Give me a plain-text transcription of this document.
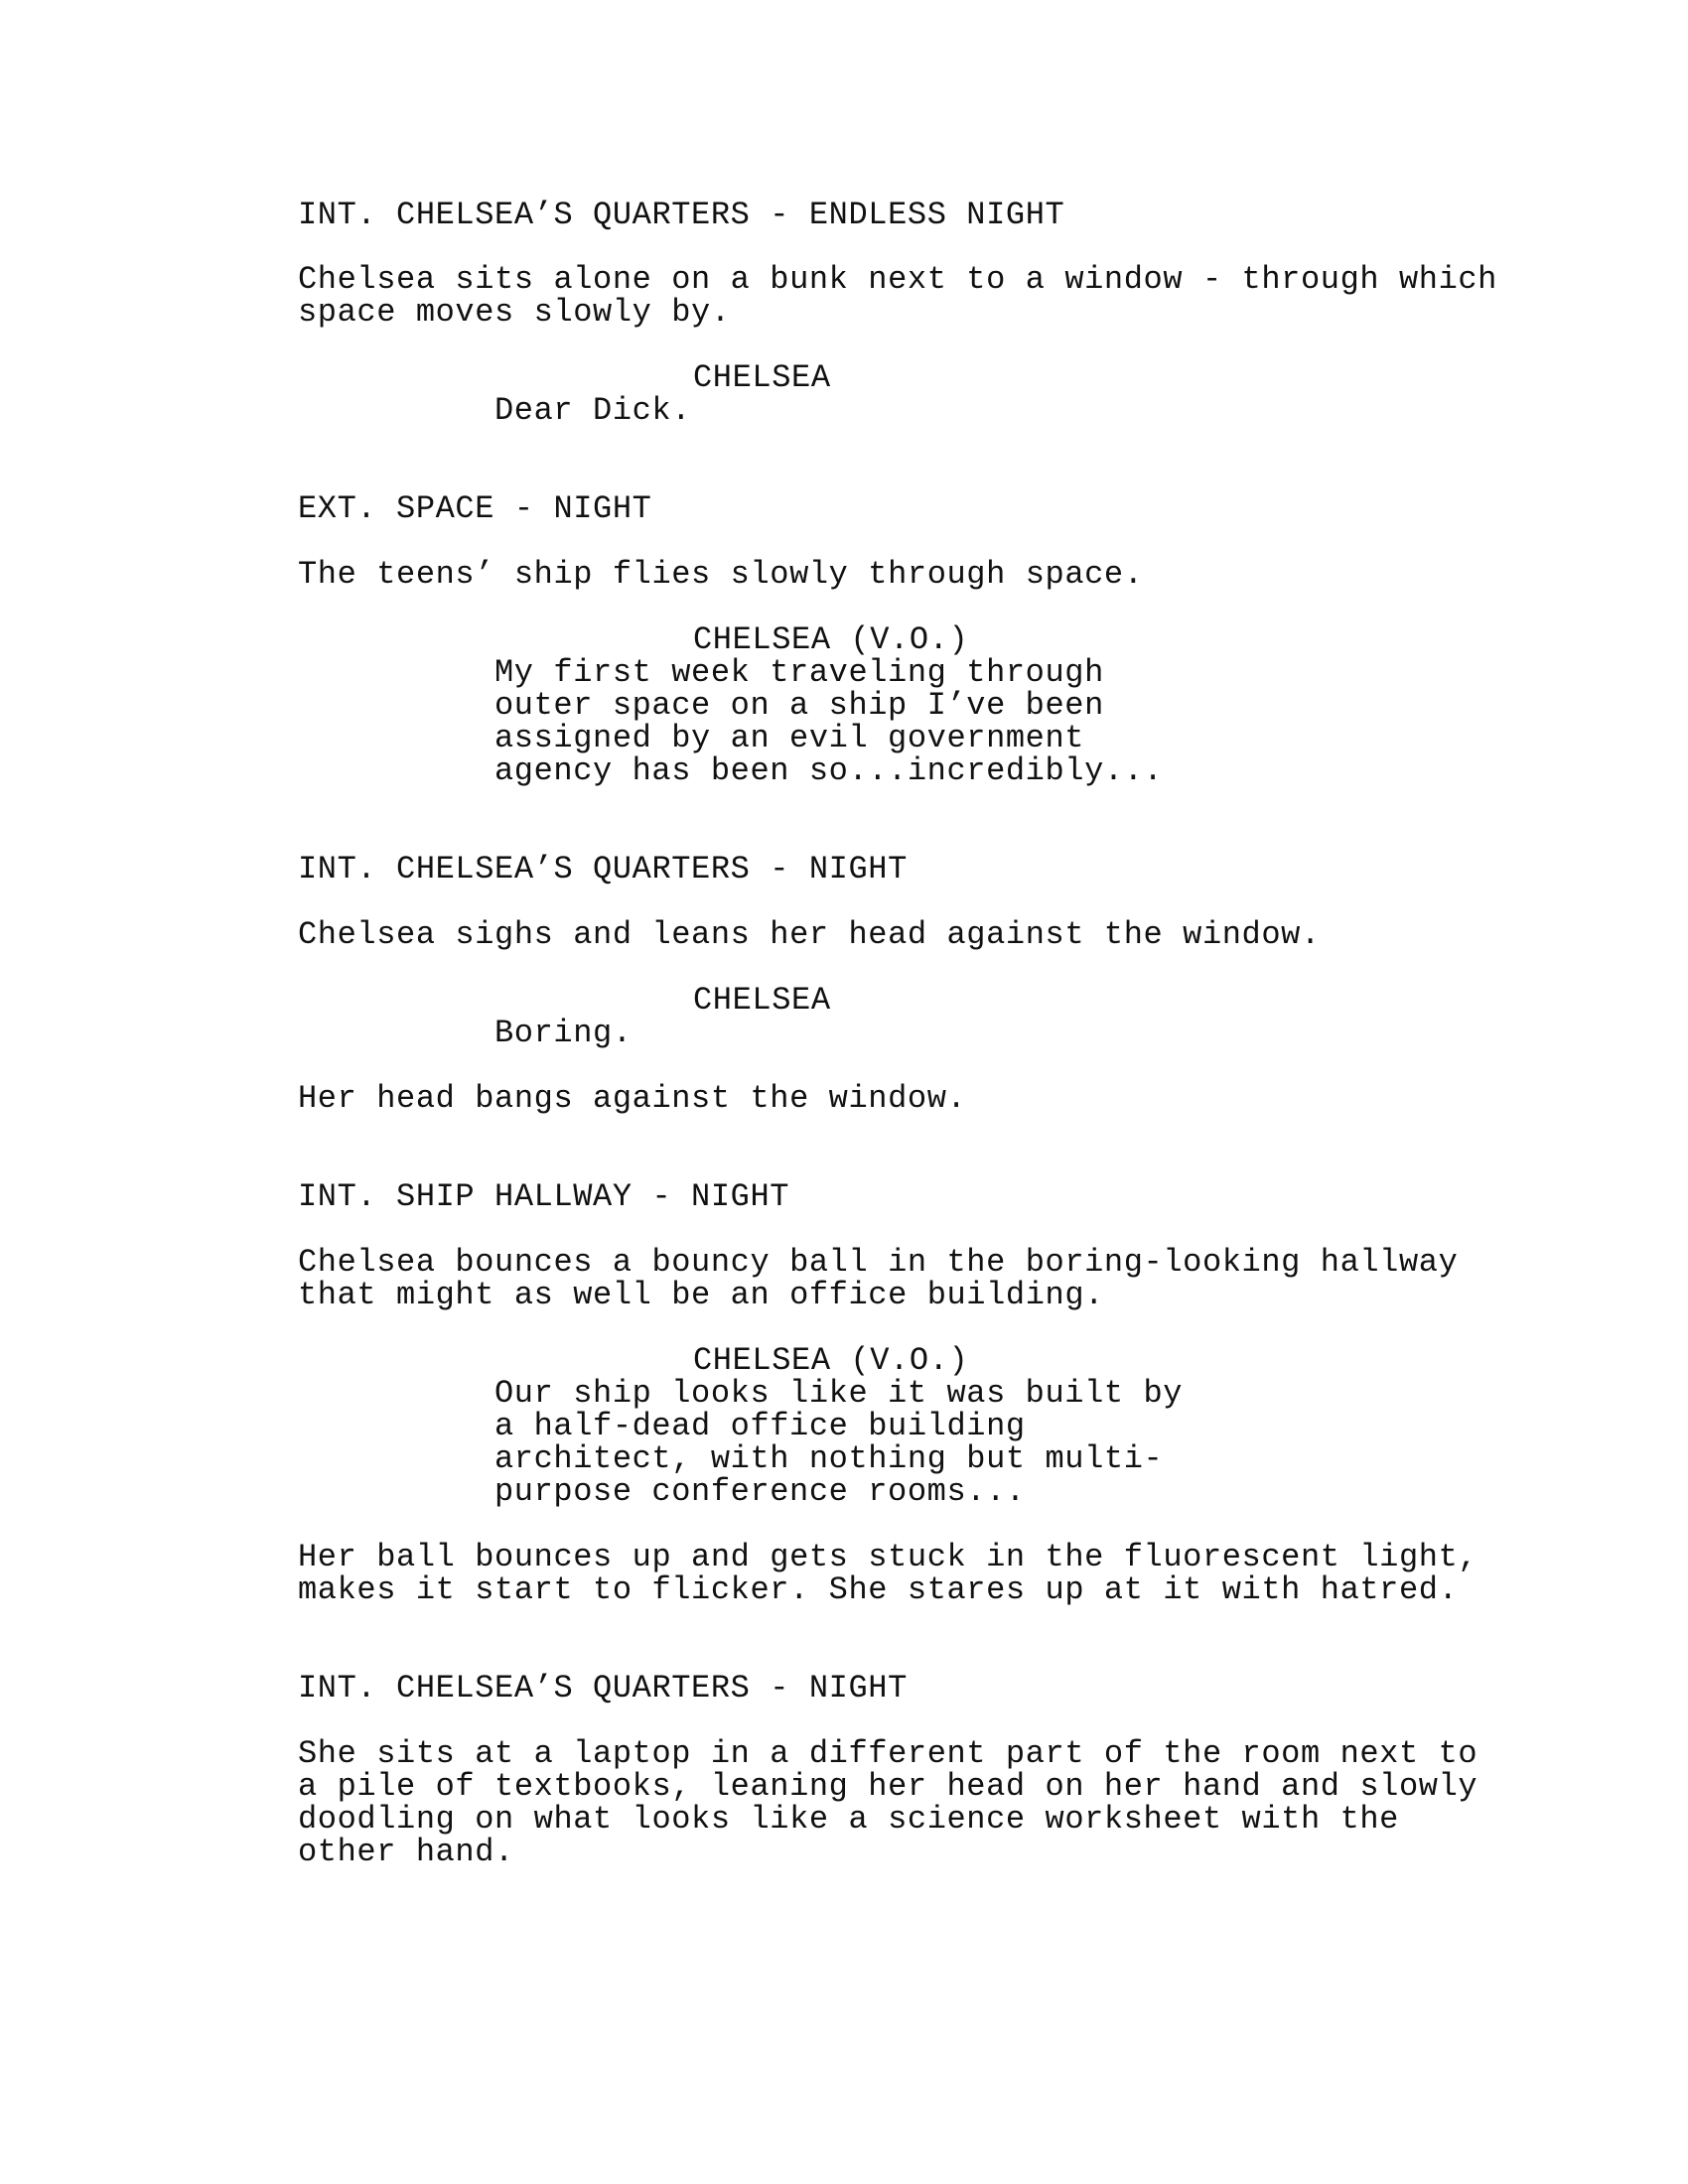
INT. CHELSEA’S QUARTERS - ENDLESS NIGHT

Chelsea sits alone on a bunk next to a window - through which

space moves slowly by.

CHELSEA

Dear Dick.

EXT. SPACE - NIGHT

The teens’ ship flies slowly through space.

CHELSEA (V.O.)

My first week traveling through

outer space on a ship I’ve been

assigned by an evil government

agency has been so...incredibly...

INT. CHELSEA’S QUARTERS - NIGHT

Chelsea sighs and leans her head against the window.

CHELSEA

Boring.

Her head bangs against the window.

INT. SHIP HALLWAY - NIGHT

Chelsea bounces a bouncy ball in the boring-looking hallway

that might as well be an office building.

CHELSEA (V.O.)

Our ship looks like it was built by

a half-dead office building

architect, with nothing but multi-

purpose conference rooms...

Her ball bounces up and gets stuck in the fluorescent light,

makes it start to flicker. She stares up at it with hatred.

INT. CHELSEA’S QUARTERS - NIGHT

She sits at a laptop in a different part of the room next to

a pile of textbooks, leaning her head on her hand and slowly

doodling on what looks like a science worksheet with the

other hand.
